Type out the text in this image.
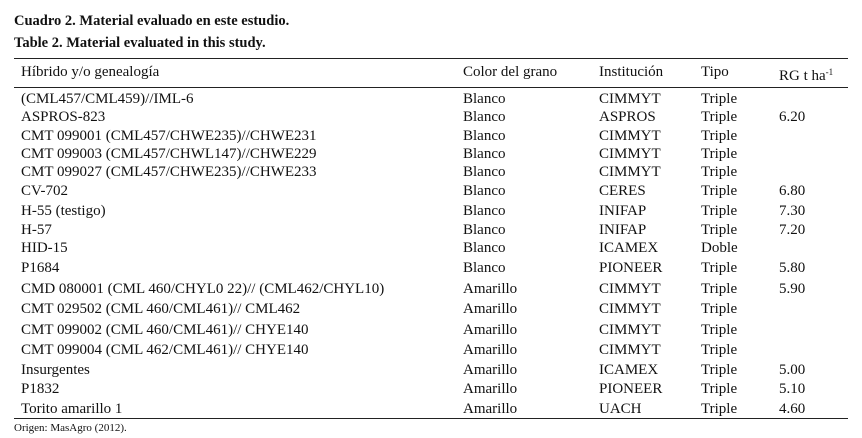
Cuadro 2. Material evaluado en este estudio.
Table 2. Material evaluated in this study.
Híbrido y/o genealogía	Color del grano	Institución	Tipo	RG t $ha^{-1}$
(CML457/CML459)//IML-6	Blanco	CIMMYT	Triple
ASPROS-823	Blanco	ASPROS	Triple	6.20
CMT 099001 (CML457/CHWE235)//CHWE231	Blanco	CIMMYT	Triple
CMT 099003 (CML457/CHWL147)//CHWE229	Blanco	CIMMYT	Triple
CMT 099027 (CML457/CHWE235)//CHWE233	Blanco	CIMMYT	Triple
CV-702	Blanco	CERES	Triple	6.80
H-55 (testigo)	Blanco	INIFAP	Triple	7.30
H-57	Blanco	INIFAP	Triple	7.20
HID-15	Blanco	ICAMEX	Doble
P1684	Blanco	PIONEER	Triple	5.80
CMD 080001 (CML 460/CHYL0 22)// (CML462/CHYL10)	Amarillo	CIMMYT	Triple	5.90
CMT 029502 (CML 460/CML461)// CML462	Amarillo	CIMMYT	Triple
CMT 099002 (CML 460/CML461)// CHYE140	Amarillo	CIMMYT	Triple
CMT 099004 (CML 462/CML461)// CHYE140	Amarillo	CIMMYT	Triple
Insurgentes	Amarillo	ICAMEX	Triple	5.00
P1832	Amarillo	PIONEER	Triple	5.10
Torito amarillo 1	Amarillo	UACH	Triple	4.60
Origen: MasAgro (2012).
